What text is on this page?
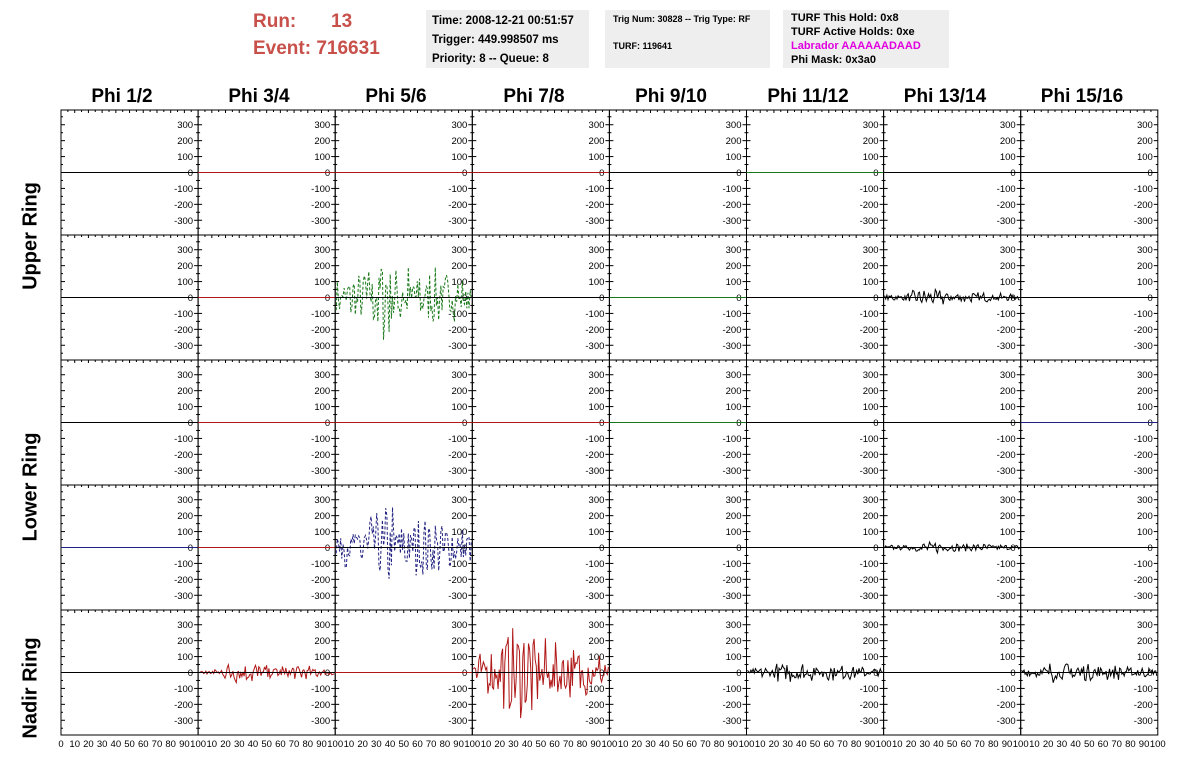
Run:	13
Event:
716631
Time: 2008-12-21 00:51:57
Trigger: 449.998507 ms
Priority: 8 -- Queue: 8
Trig Num: 30828 -- Trig Type: RF
TURF: 119641
TURF This Hold: 0x8
TURF Active Holds: 0xe
Labrador AAAAAADAAD
Phi Mask: 0x3a0
Phi 1/2	Phi 3/4	Phi 5/6	Phi 7/8	Phi 9/10	Phi 11/12	Phi 13/14	Phi 15/16
Upper Ring
Lower Ring
Nadir Ring
-300
-200
-100
0
100
200
300
-300
-200
-100
0
100
200
300
-300
-200
-100
0
100
200
300
-300
-200
-100
0
100
200
300
-300
-200
-100
0
100
200
300
-300
-200
-100
0
100
200
300
-300
-200
-100
0
100
200
300
-300
-200
-100
0
100
200
300
-300
-200
-100
0
100
200
300
-300
-200
-100
0
100
200
300
-300
-200
-100
0
100
200
300
-300
-200
-100
0
100
200
300
-300
-200
-100
0
100
200
300
-300
-200
-100
0
100
200
300
-300
-200
-100
0
100
200
300
-300
-200
-100
0
100
200
300
-300
-200
-100
0
100
200
300
-300
-200
-100
0
100
200
300
-300
-200
-100
0
100
200
300
-300
-200
-100
0
100
200
300
-300
-200
-100
0
100
200
300
-300
-200
-100
0
100
200
300
-300
-200
-100
0
100
200
300
-300
-200
-100
0
100
200
300
-300
-200
-100
0
100
200
300
-300
-200
-100
0
100
200
300
-300
-200
-100
0
100
200
300
-300
-200
-100
0
100
200
300
-300
-200
-100
0
100
200
300
-300
-200
-100
0
100
200
300
-300
-200
-100
0
100
200
300
-300
-200
-100
0
100
200
300
-300
-200
-100
0
100
200
300
-300
-200
-100
0
100
200
300
-300
-200
-100
0
100
200
300
-300
-200
-100
0
100
200
300
-300
-200
-100
0
100
200
300
-300
-200
-100
0
100
200
300
-300
-200
-100
0
100
200
300
-300
-200
-100
0
100
200
300
0 10 20 30 40 50 60 70 80 90 100 10 20 30 40 50 60 70 80 90 100 10 20 30 40 50 60 70 80 90 100 10 20 30 40 50 60 70 80 90 100 10 20 30 40 50 60 70 80 90 100 10 20 30 40 50 60 70 80 90 100 10 20 30 40 50 60 70 80 90 100 10 20 30 40 50 60 70 80 90 100
